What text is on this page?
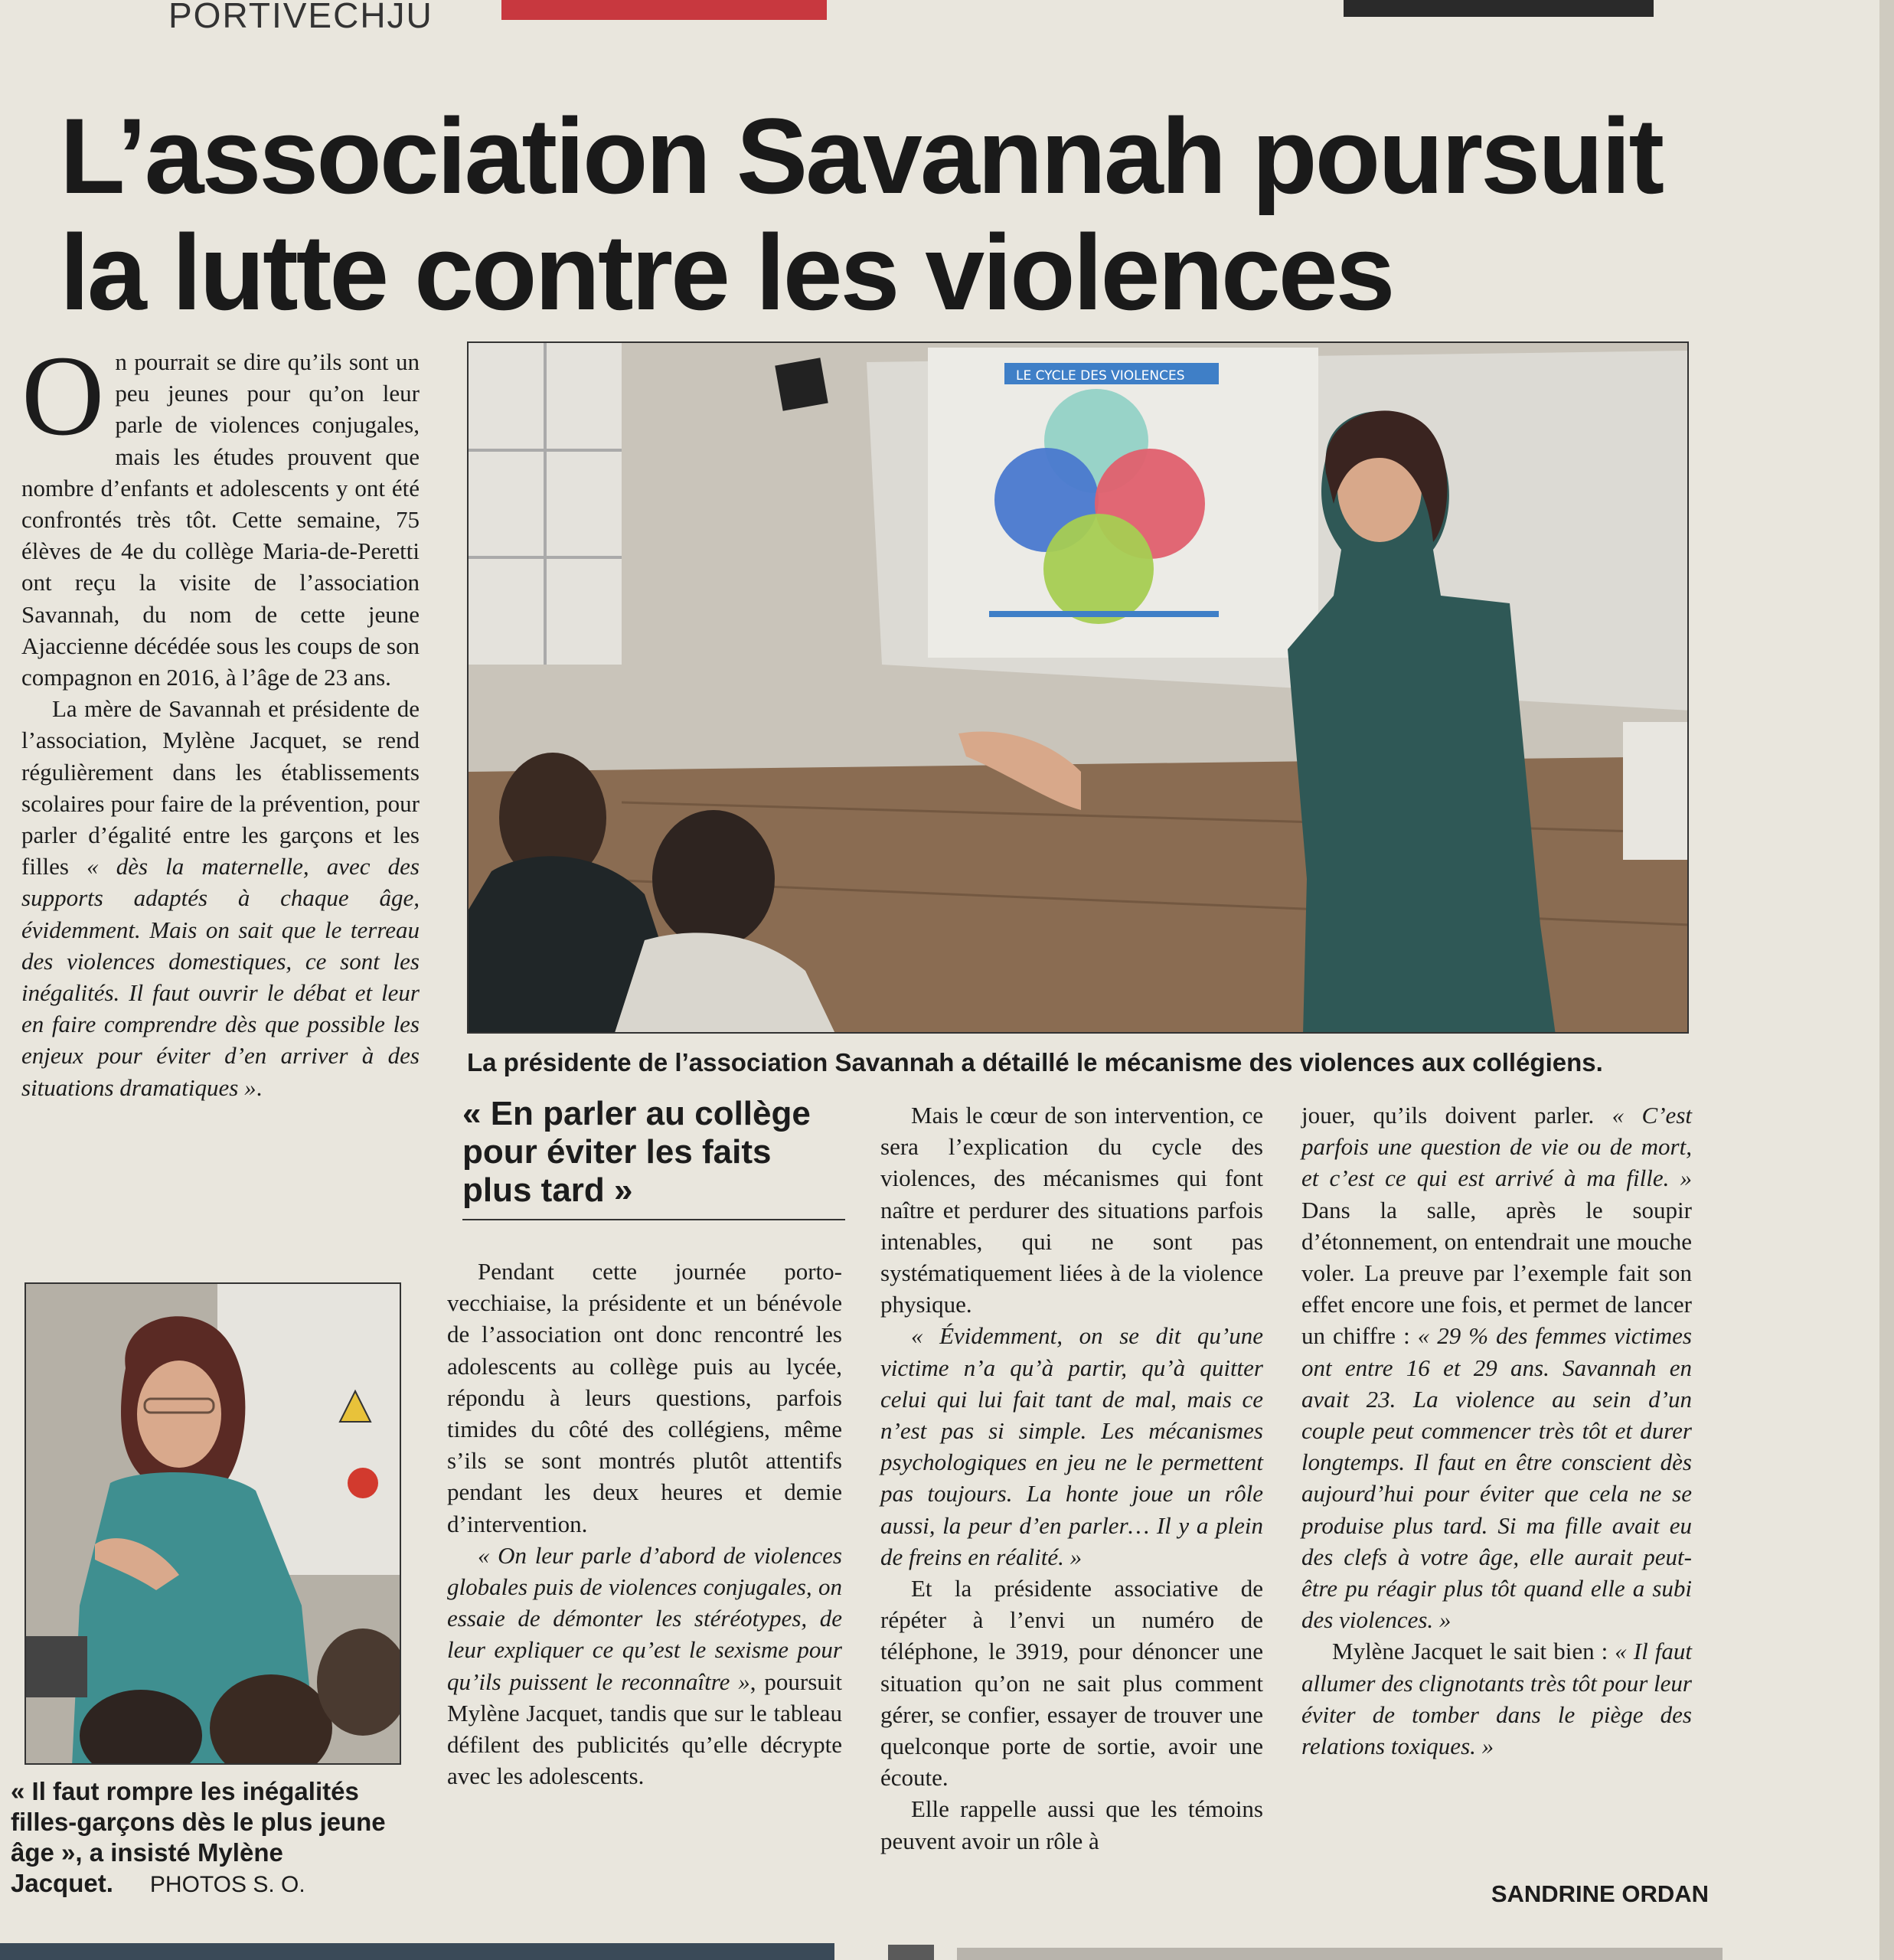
PORTIVECHJU
L’association Savannah poursuit
la lutte contre les violences

On pourrait se dire qu’ils sont un peu jeunes pour qu’on leur parle de violences conjugales, mais les études prouvent que nombre d’enfants et adolescents y ont été confrontés très tôt. Cette semaine, 75 élèves de 4e du collège Maria-de-Peretti ont reçu la visite de l’association Savannah, du nom de cette jeune Ajaccienne décédée sous les coups de son compagnon en 2016, à l’âge de 23 ans.

La mère de Savannah et présidente de l’association, Mylène Jacquet, se rend régulièrement dans les établissements scolaires pour faire de la prévention, pour parler d’égalité entre les garçons et les filles « dès la maternelle, avec des supports adaptés à chaque âge, évidemment. Mais on sait que le terreau des violences domestiques, ce sont les inégalités. Il faut ouvrir le débat et leur en faire comprendre dès que possible les enjeux pour éviter d’en arriver à des situations dramatiques ».

LE CYCLE DES VIOLENCES
La présidente de l’association Savannah a détaillé le mécanisme des violences aux collégiens.
« Il faut rompre les inégalités filles-garçons dès le plus jeune âge », a insisté Mylène Jacquet. PHOTOS S. O.
« En parler au collège pour éviter les faits plus tard »

Pendant cette journée porto-vecchiaise, la présidente et un bénévole de l’association ont donc rencontré les adolescents au collège puis au lycée, répondu à leurs questions, parfois timides du côté des collégiens, même s’ils se sont montrés plutôt attentifs pendant les deux heures et demie d’intervention.

« On leur parle d’abord de violences globales puis de violences conjugales, on essaie de démonter les stéréotypes, de leur expliquer ce qu’est le sexisme pour qu’ils puissent le reconnaître », poursuit Mylène Jacquet, tandis que sur le tableau défilent des publicités qu’elle décrypte avec les adolescents.

Mais le cœur de son intervention, ce sera l’explication du cycle des violences, des mécanismes qui font naître et perdurer des situations parfois intenables, qui ne sont pas systématiquement liées à de la violence physique.

« Évidemment, on se dit qu’une victime n’a qu’à partir, qu’à quitter celui qui lui fait tant de mal, mais ce n’est pas si simple. Les mécanismes psychologiques en jeu ne le permettent pas toujours. La honte joue un rôle aussi, la peur d’en parler… Il y a plein de freins en réalité. »

Et la présidente associative de répéter à l’envi un numéro de téléphone, le 3919, pour dénoncer une situation qu’on ne sait plus comment gérer, se confier, essayer de trouver une quelconque porte de sortie, avoir une écoute.

Elle rappelle aussi que les témoins peuvent avoir un rôle à

jouer, qu’ils doivent parler. « C’est parfois une question de vie ou de mort, et c’est ce qui est arrivé à ma fille. » Dans la salle, après le soupir d’étonnement, on entendrait une mouche voler. La preuve par l’exemple fait son effet encore une fois, et permet de lancer un chiffre : « 29 % des femmes victimes ont entre 16 et 29 ans. Savannah en avait 23. La violence au sein d’un couple peut commencer très tôt et durer longtemps. Il faut en être conscient dès aujourd’hui pour éviter que cela ne se produise plus tard. Si ma fille avait eu des clefs à votre âge, elle aurait peut-être pu réagir plus tôt quand elle a subi des violences. »

Mylène Jacquet le sait bien : « Il faut allumer des clignotants très tôt pour leur éviter de tomber dans le piège des relations toxiques. »

SANDRINE ORDAN
